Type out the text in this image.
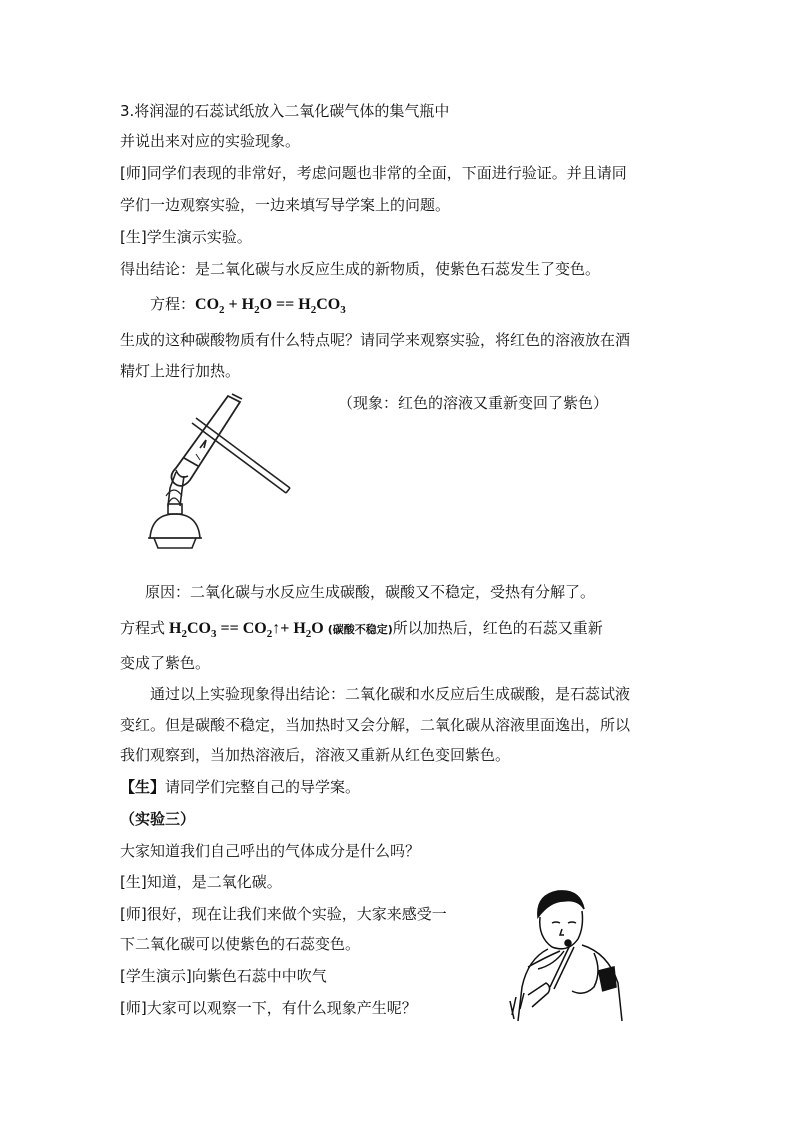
3.将润湿的石蕊试纸放入二氧化碳气体的集气瓶中
并说出来对应的实验现象。
[师]同学们表现的非常好，考虑问题也非常的全面，下面进行验证。并且请同
学们一边观察实验，一边来填写导学案上的问题。
[生]学生演示实验。
得出结论：是二氧化碳与水反应生成的新物质，使紫色石蕊发生了变色。
方程：$CO_2 + H_2O == H_2CO_3$
生成的这种碳酸物质有什么特点呢？请同学来观察实验，将红色的溶液放在酒
精灯上进行加热。
（现象：红色的溶液又重新变回了紫色）
原因：二氧化碳与水反应生成碳酸，碳酸又不稳定，受热有分解了。
方程式 $H_2CO_3$ == $CO_2↑+ H_2O$ (碳酸不稳定)所以加热后，红色的石蕊又重新
变成了紫色。
通过以上实验现象得出结论：二氧化碳和水反应后生成碳酸，是石蕊试液
变红。但是碳酸不稳定，当加热时又会分解，二氧化碳从溶液里面逸出，所以
我们观察到，当加热溶液后，溶液又重新从红色变回紫色。
【生】请同学们完整自己的导学案。
（实验三）
大家知道我们自己呼出的气体成分是什么吗？
[生]知道，是二氧化碳。
[师]很好，现在让我们来做个实验，大家来感受一
下二氧化碳可以使紫色的石蕊变色。
[学生演示]向紫色石蕊中中吹气
[师]大家可以观察一下，有什么现象产生呢？
